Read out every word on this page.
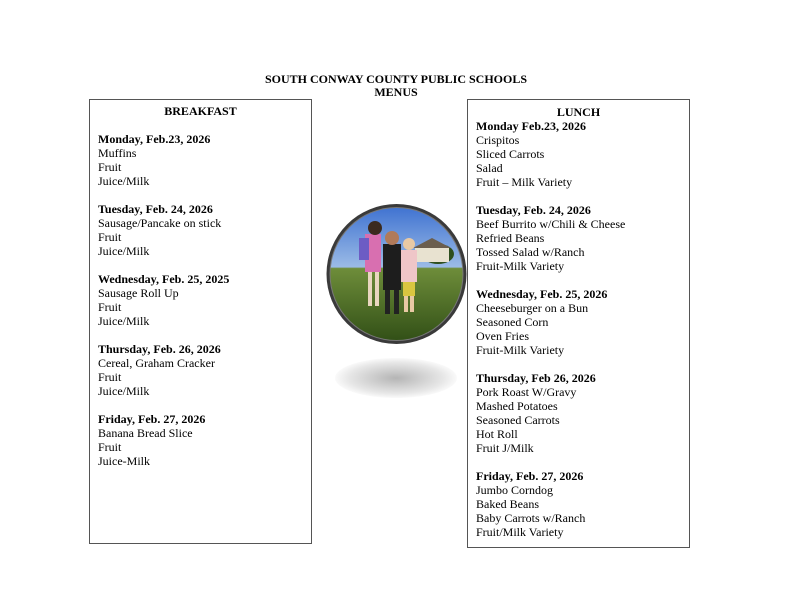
SOUTH CONWAY COUNTY PUBLIC SCHOOLS
MENUS
BREAKFAST
Monday, Feb.23, 2026
Muffins
Fruit
Juice/Milk
Tuesday, Feb. 24, 2026
Sausage/Pancake on stick
Fruit
Juice/Milk
Wednesday, Feb. 25, 2025
Sausage Roll Up
Fruit
Juice/Milk
Thursday, Feb. 26, 2026
Cereal, Graham Cracker
Fruit
Juice/Milk
Friday, Feb. 27, 2026
Banana Bread Slice
Fruit
Juice-Milk
LUNCH
Monday Feb.23, 2026
Crispitos
Sliced Carrots
Salad
Fruit – Milk Variety
Tuesday, Feb. 24, 2026
Beef Burrito w/Chili & Cheese
Refried Beans
Tossed Salad w/Ranch
Fruit-Milk Variety
Wednesday, Feb. 25, 2026
Cheeseburger on a Bun
Seasoned Corn
Oven Fries
Fruit-Milk Variety
Thursday, Feb 26, 2026
Pork Roast W/Gravy
Mashed Potatoes
Seasoned Carrots
Hot Roll
Fruit J/Milk
Friday, Feb. 27, 2026
Jumbo Corndog
Baked Beans
Baby Carrots w/Ranch
Fruit/Milk Variety
